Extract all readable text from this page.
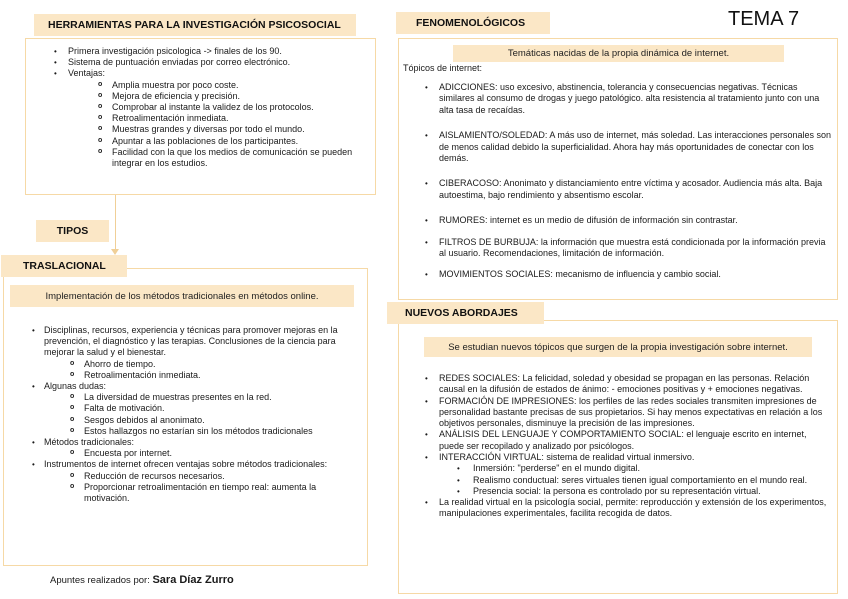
TEMA 7
HERRAMIENTAS PARA LA INVESTIGACIÓN PSICOSOCIAL
• Primera investigación psicologica -> finales de los 90.
• Sistema de puntuación enviadas por correo electrónico.
• Ventajas:
o Amplia muestra por poco coste.
o Mejora de eficiencia y precisión.
o Comprobar al instante la validez de los protocolos.
o Retroalimentación inmediata.
o Muestras grandes y diversas por todo el mundo.
o Apuntar a las poblaciones de los participantes.
o Facilidad con la que los medios de comunicación se pueden integrar en los estudios.
TIPOS
TRASLACIONAL
Implementación de los métodos tradicionales en métodos online.
• Disciplinas, recursos, experiencia y técnicas para promover mejoras en la prevención, el diagnóstico y las terapias. Conclusiones de la ciencia para mejorar la salud y el bienestar.
o Ahorro de tiempo.
o Retroalimentación inmediata.
• Algunas dudas:
o La diversidad de muestras presentes en la red.
o Falta de motivación.
o Sesgos debidos al anonimato.
o Estos hallazgos no estarían sin los métodos tradicionales
• Métodos tradicionales:
o Encuesta por internet.
• Instrumentos de internet ofrecen ventajas sobre métodos tradicionales:
o Reducción de recursos necesarios.
o Proporcionar retroalimentación en tiempo real: aumenta la motivación.
FENOMENOLÓGICOS
Temáticas nacidas de la propia dinámica de internet.
Tópicos de internet:
• ADICCIONES: uso excesivo, abstinencia, tolerancia y consecuencias negativas. Técnicas similares al consumo de drogas y juego patológico. alta resistencia al tratamiento junto con una alta tasa de recaídas.
• AISLAMIENTO/SOLEDAD: A más uso de internet, más soledad. Las interacciones personales son de menos calidad debido la superficialidad. Ahora hay más oportunidades de conectar con los demás.
• CIBERACOSO: Anonimato y distanciamiento entre víctima y acosador. Audiencia más alta. Baja autoestima, bajo rendimiento y absentismo escolar.
• RUMORES: internet es un medio de difusión de información sin contrastar.
• FILTROS DE BURBUJA: la información que muestra está condicionada por la información previa al usuario. Recomendaciones, limitación de información.
• MOVIMIENTOS SOCIALES: mecanismo de influencia y cambio social.
NUEVOS ABORDAJES
Se estudian nuevos tópicos que surgen de la propia investigación sobre internet.
• REDES SOCIALES: La felicidad, soledad y obesidad se propagan en las personas. Relación causal en la difusión de estados de ánimo: - emociones positivas y + emociones negativas.
• FORMACIÓN DE IMPRESIONES: los perfiles de las redes sociales transmiten impresiones de personalidad bastante precisas de sus propietarios. Si hay menos expectativas en relación a los objetivos personales, disminuye la precisión de las impresiones.
• ANÁLISIS DEL LENGUAJE Y COMPORTAMIENTO SOCIAL: el lenguaje escrito en internet, puede ser recopilado y analizado por psicólogos.
• INTERACCIÓN VIRTUAL: sistema de realidad virtual inmersivo.
• Inmersión: "perderse" en el mundo digital.
• Realismo conductual: seres virtuales tienen igual comportamiento en el mundo real.
• Presencia social: la persona es controlado por su representación virtual.
• La realidad virtual en la psicología social, permite: reproducción y extensión de los experimentos, manipulaciones experimentales, facilita recogida de datos.
Apuntes realizados por: Sara Díaz Zurro
